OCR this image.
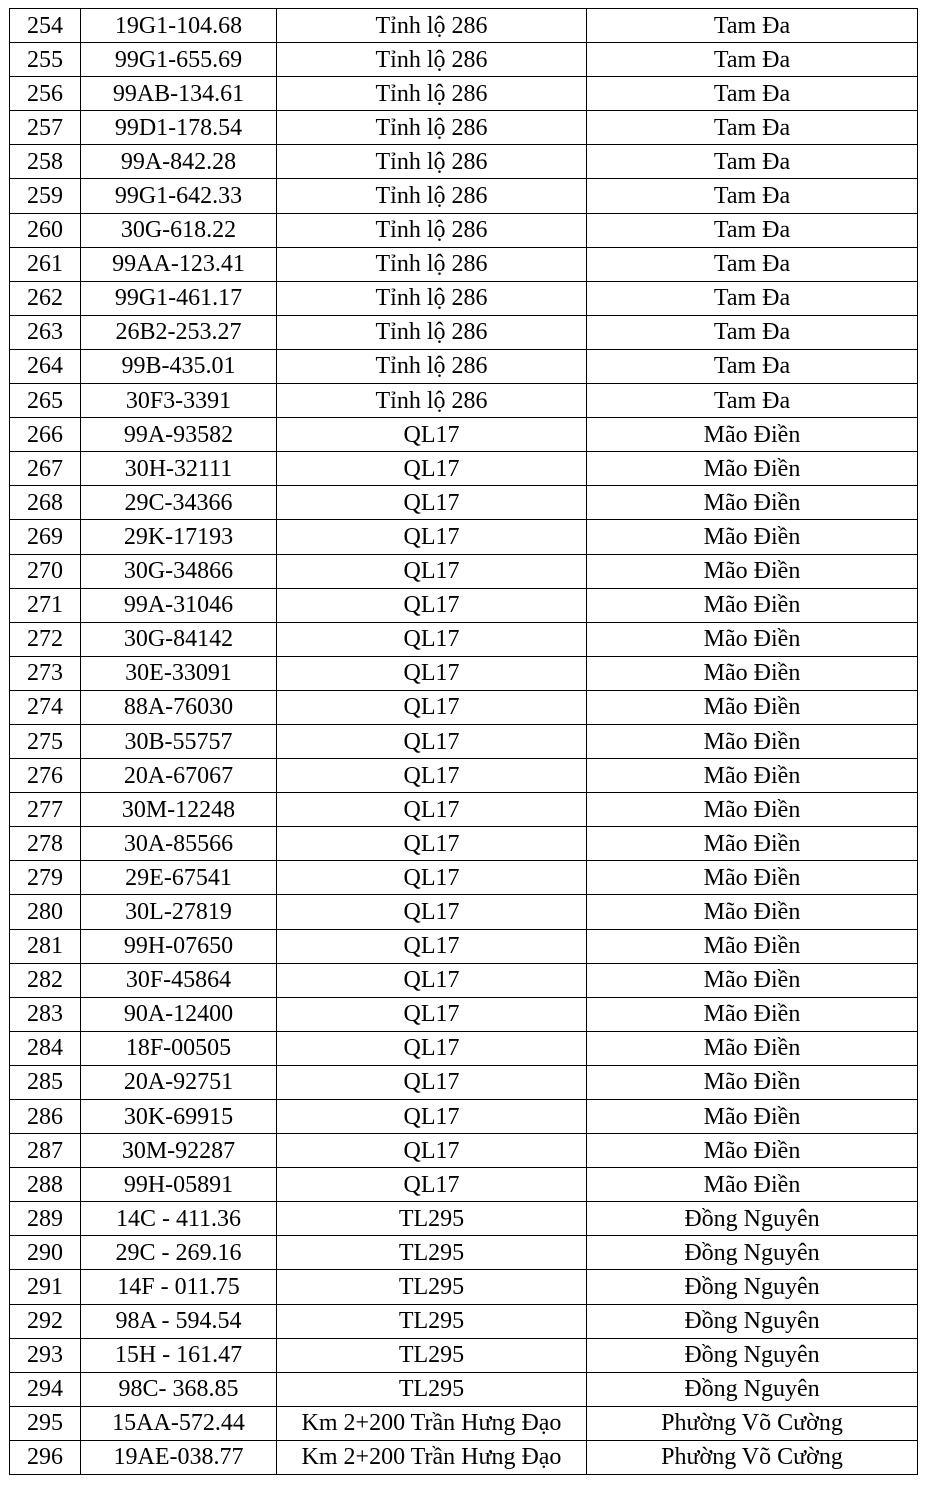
254	19G1-104.68	Tỉnh lộ 286	Tam Đa
255	99G1-655.69	Tỉnh lộ 286	Tam Đa
256	99AB-134.61	Tỉnh lộ 286	Tam Đa
257	99D1-178.54	Tỉnh lộ 286	Tam Đa
258	99A-842.28	Tỉnh lộ 286	Tam Đa
259	99G1-642.33	Tỉnh lộ 286	Tam Đa
260	30G-618.22	Tỉnh lộ 286	Tam Đa
261	99AA-123.41	Tỉnh lộ 286	Tam Đa
262	99G1-461.17	Tỉnh lộ 286	Tam Đa
263	26B2-253.27	Tỉnh lộ 286	Tam Đa
264	99B-435.01	Tỉnh lộ 286	Tam Đa
265	30F3-3391	Tỉnh lộ 286	Tam Đa
266	99A-93582	QL17	Mão Điền
267	30H-32111	QL17	Mão Điền
268	29C-34366	QL17	Mão Điền
269	29K-17193	QL17	Mão Điền
270	30G-34866	QL17	Mão Điền
271	99A-31046	QL17	Mão Điền
272	30G-84142	QL17	Mão Điền
273	30E-33091	QL17	Mão Điền
274	88A-76030	QL17	Mão Điền
275	30B-55757	QL17	Mão Điền
276	20A-67067	QL17	Mão Điền
277	30M-12248	QL17	Mão Điền
278	30A-85566	QL17	Mão Điền
279	29E-67541	QL17	Mão Điền
280	30L-27819	QL17	Mão Điền
281	99H-07650	QL17	Mão Điền
282	30F-45864	QL17	Mão Điền
283	90A-12400	QL17	Mão Điền
284	18F-00505	QL17	Mão Điền
285	20A-92751	QL17	Mão Điền
286	30K-69915	QL17	Mão Điền
287	30M-92287	QL17	Mão Điền
288	99H-05891	QL17	Mão Điền
289	14C - 411.36	TL295	Đồng Nguyên
290	29C - 269.16	TL295	Đồng Nguyên
291	14F - 011.75	TL295	Đồng Nguyên
292	98A - 594.54	TL295	Đồng Nguyên
293	15H - 161.47	TL295	Đồng Nguyên
294	98C- 368.85	TL295	Đồng Nguyên
295	15AA-572.44	Km 2+200 Trần Hưng Đạo	Phường Võ Cường
296	19AE-038.77	Km 2+200 Trần Hưng Đạo	Phường Võ Cường
